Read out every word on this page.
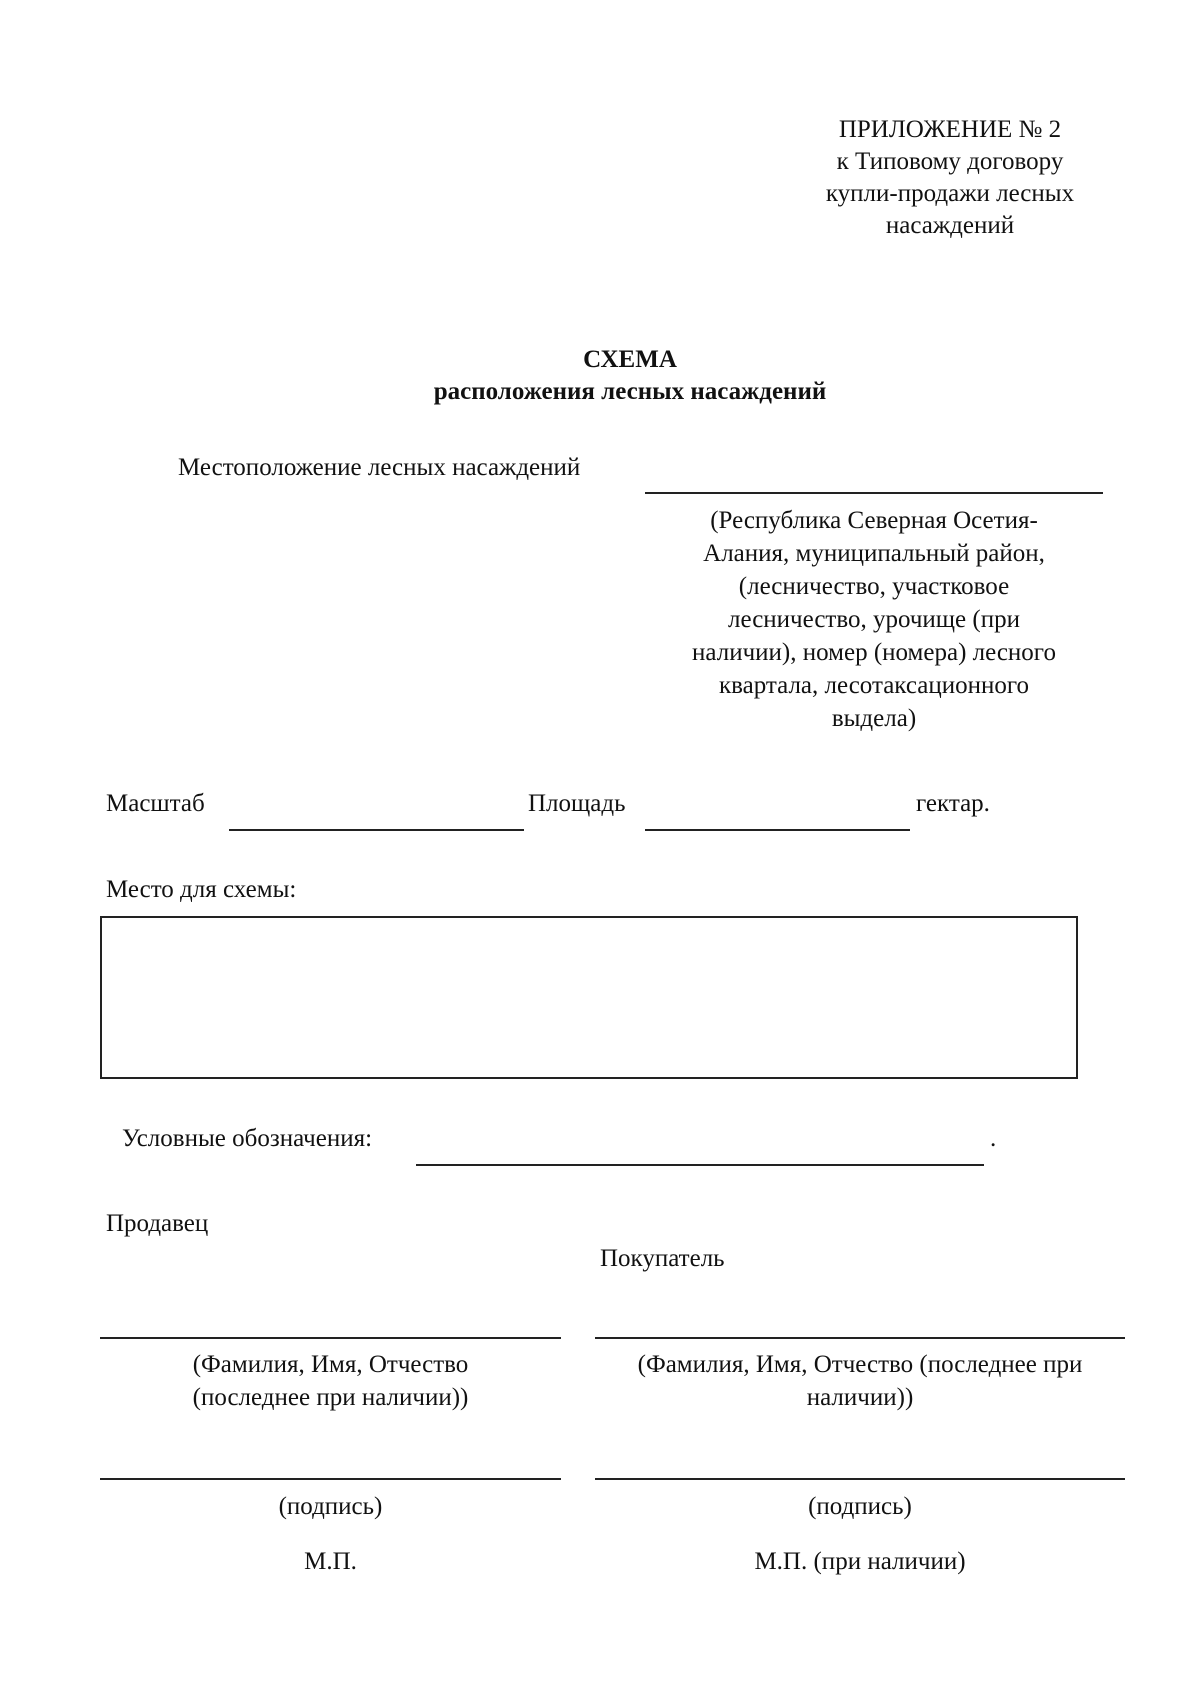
ПРИЛОЖЕНИЕ № 2
к Типовому договору
купли-продажи лесных
насаждений
СХЕМА
расположения лесных насаждений
Местоположение лесных насаждений
(Республика Северная Осетия-
Алания, муниципальный район,
(лесничество, участковое
лесничество, урочище (при
наличии), номер (номера) лесного
квартала, лесотаксационного
выдела)
Масштаб	Площадь	гектар.
Место для схемы:
Условные обозначения:	.
Продавец
(Фамилия, Имя, Отчество
(последнее при наличии))
(подпись)
М.П.
Покупатель
(Фамилия, Имя, Отчество (последнее при
наличии))
(подпись)
М.П. (при наличии)
